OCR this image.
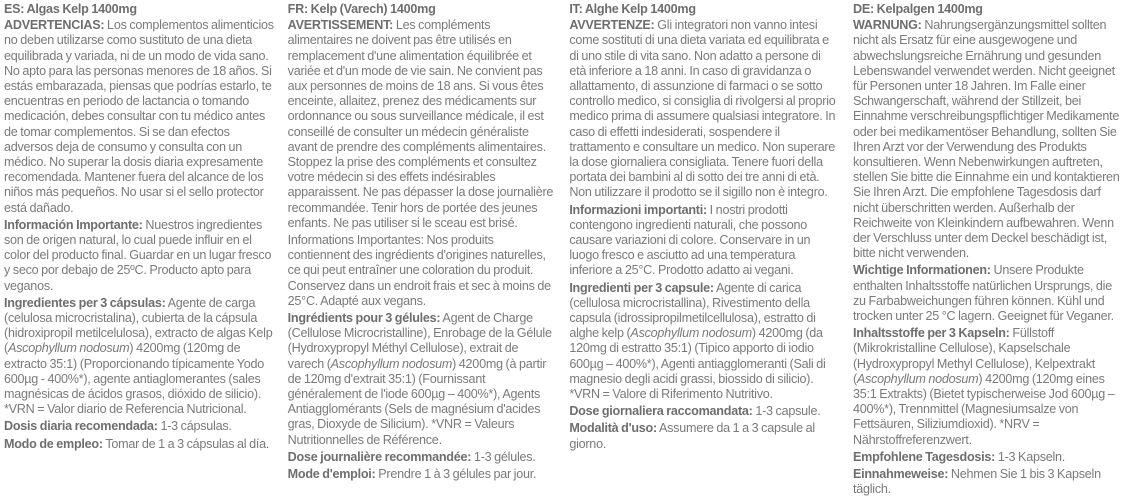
ES: Algas Kelp 1400mg

ADVERTENCIAS: Los complementos alimenticios no deben utilizarse como sustituto de una dieta equilibrada y variada, ni de un modo de vida sano. No apto para las personas menores de 18 años. Si estás embarazada, piensas que podrías estarlo, te encuentras en periodo de lactancia o tomando medicación, debes consultar con tu médico antes de tomar complementos. Si se dan efectos adversos deja de consumo y consulta con un médico. No superar la dosis diaria expresamente recomendada. Mantener fuera del alcance de los niños más pequeños. No usar si el sello protector está dañado.

Información Importante: Nuestros ingredientes son de origen natural, lo cual puede influir en el color del producto final. Guardar en un lugar fresco y seco por debajo de 25ºC. Producto apto para veganos.

Ingredientes per 3 cápsulas: Agente de carga (celulosa microcristalina), cubierta de la cápsula (hidroxipropil metilcelulosa), extracto de algas Kelp (Ascophyllum nodosum) 4200mg (120mg de extracto 35:1) (Proporcionando típicamente Yodo 600µg - 400%*), agente antiaglomerantes (sales magnésicas de ácidos grasos, dióxido de silicio). *VRN = Valor diario de Referencia Nutricional.

Dosis diaria recomendada: 1-3 cápsulas.

Modo de empleo: Tomar de 1 a 3 cápsulas al día.

FR: Kelp (Varech) 1400mg

AVERTISSEMENT: Les compléments alimentaires ne doivent pas être utilisés en remplacement d'une alimentation équilibrée et variée et d'un mode de vie sain. Ne convient pas aux personnes de moins de 18 ans. Si vous êtes enceinte, allaitez, prenez des médicaments sur ordonnance ou sous surveillance médicale, il est conseillé de consulter un médecin généraliste avant de prendre des compléments alimentaires. Stoppez la prise des compléments et consultez votre médecin si des effets indésirables apparaissent. Ne pas dépasser la dose journalière recommandée. Tenir hors de portée des jeunes enfants. Ne pas utiliser si le sceau est brisé.

Informations Importantes: Nos produits contiennent des ingrédients d'origines naturelles, ce qui peut entraîner une coloration du produit. Conservez dans un endroit frais et sec à moins de 25°C. Adapté aux vegans.

Ingrédients pour 3 gélules: Agent de Charge (Cellulose Microcristalline), Enrobage de la Gélule (Hydroxypropyl Méthyl Cellulose), extrait de varech (Ascophyllum nodosum) 4200mg (à partir de 120mg d'extrait 35:1) (Fournissant généralement de l'iode 600µg – 400%*), Agents Antiagglomérants (Sels de magnésium d'acides gras, Dioxyde de Silicium). *VNR = Valeurs Nutritionnelles de Référence.

Dose journalière recommandée: 1-3 gélules.

Mode d'emploi: Prendre 1 à 3 gélules par jour.

IT: Alghe Kelp 1400mg

AVVERTENZE: Gli integratori non vanno intesi come sostituti di una dieta variata ed equilibrata e di uno stile di vita sano. Non adatto a persone di età inferiore a 18 anni. In caso di gravidanza o allattamento, di assunzione di farmaci o se sotto controllo medico, si consiglia di rivolgersi al proprio medico prima di assumere qualsiasi integratore. In caso di effetti indesiderati, sospendere il trattamento e consultare un medico. Non superare la dose giornaliera consigliata. Tenere fuori della portata dei bambini al di sotto dei tre anni di età. Non utilizzare il prodotto se il sigillo non è integro.

Informazioni importanti: I nostri prodotti contengono ingredienti naturali, che possono causare variazioni di colore. Conservare in un luogo fresco e asciutto ad una temperatura inferiore a 25°C. Prodotto adatto ai vegani.

Ingredienti per 3 capsule: Agente di carica (cellulosa microcristallina), Rivestimento della capsula (idrossipropilmetilcellulosa), estratto di alghe kelp (Ascophyllum nodosum) 4200mg (da 120mg di estratto 35:1) (Tipico apporto di iodio 600µg – 400%*), Agenti antiagglomeranti (Sali di magnesio degli acidi grassi, biossido di silicio). *VRN = Valore di Riferimento Nutritivo.

Dose giornaliera raccomandata: 1-3 capsule.

Modalità d'uso: Assumere da 1 a 3 capsule al giorno.

DE: Kelpalgen 1400mg

WARNUNG: Nahrungsergänzungsmittel sollten nicht als Ersatz für eine ausgewogene und abwechslungsreiche Ernährung und gesunden Lebenswandel verwendet werden. Nicht geeignet für Personen unter 18 Jahren. Im Falle einer Schwangerschaft, während der Stillzeit, bei Einnahme verschreibungspflichtiger Medikamente oder bei medikamentöser Behandlung, sollten Sie Ihren Arzt vor der Verwendung des Produkts konsultieren. Wenn Nebenwirkungen auftreten, stellen Sie bitte die Einnahme ein und kontaktieren Sie Ihren Arzt. Die empfohlene Tagesdosis darf nicht überschritten werden. Außerhalb der Reichweite von Kleinkindern aufbewahren. Wenn der Verschluss unter dem Deckel beschädigt ist, bitte nicht verwenden.

Wichtige Informationen: Unsere Produkte enthalten Inhaltsstoffe natürlichen Ursprungs, die zu Farbabweichungen führen können. Kühl und trocken unter 25 °C lagern. Geeignet für Veganer.

Inhaltsstoffe per 3 Kapseln: Füllstoff (Mikrokristalline Cellulose), Kapselschale (Hydroxypropyl Methyl Cellulose), Kelpextrakt (Ascophyllum nodosum) 4200mg (120mg eines 35:1 Extrakts) (Bietet typischerweise Jod 600µg – 400%*), Trennmittel (Magnesiumsalze von Fettsäuren, Siliziumdioxid). *NRV = Nährstoffreferenzwert.

Empfohlene Tagesdosis: 1-3 Kapseln.

Einnahmeweise: Nehmen Sie 1 bis 3 Kapseln täglich.
